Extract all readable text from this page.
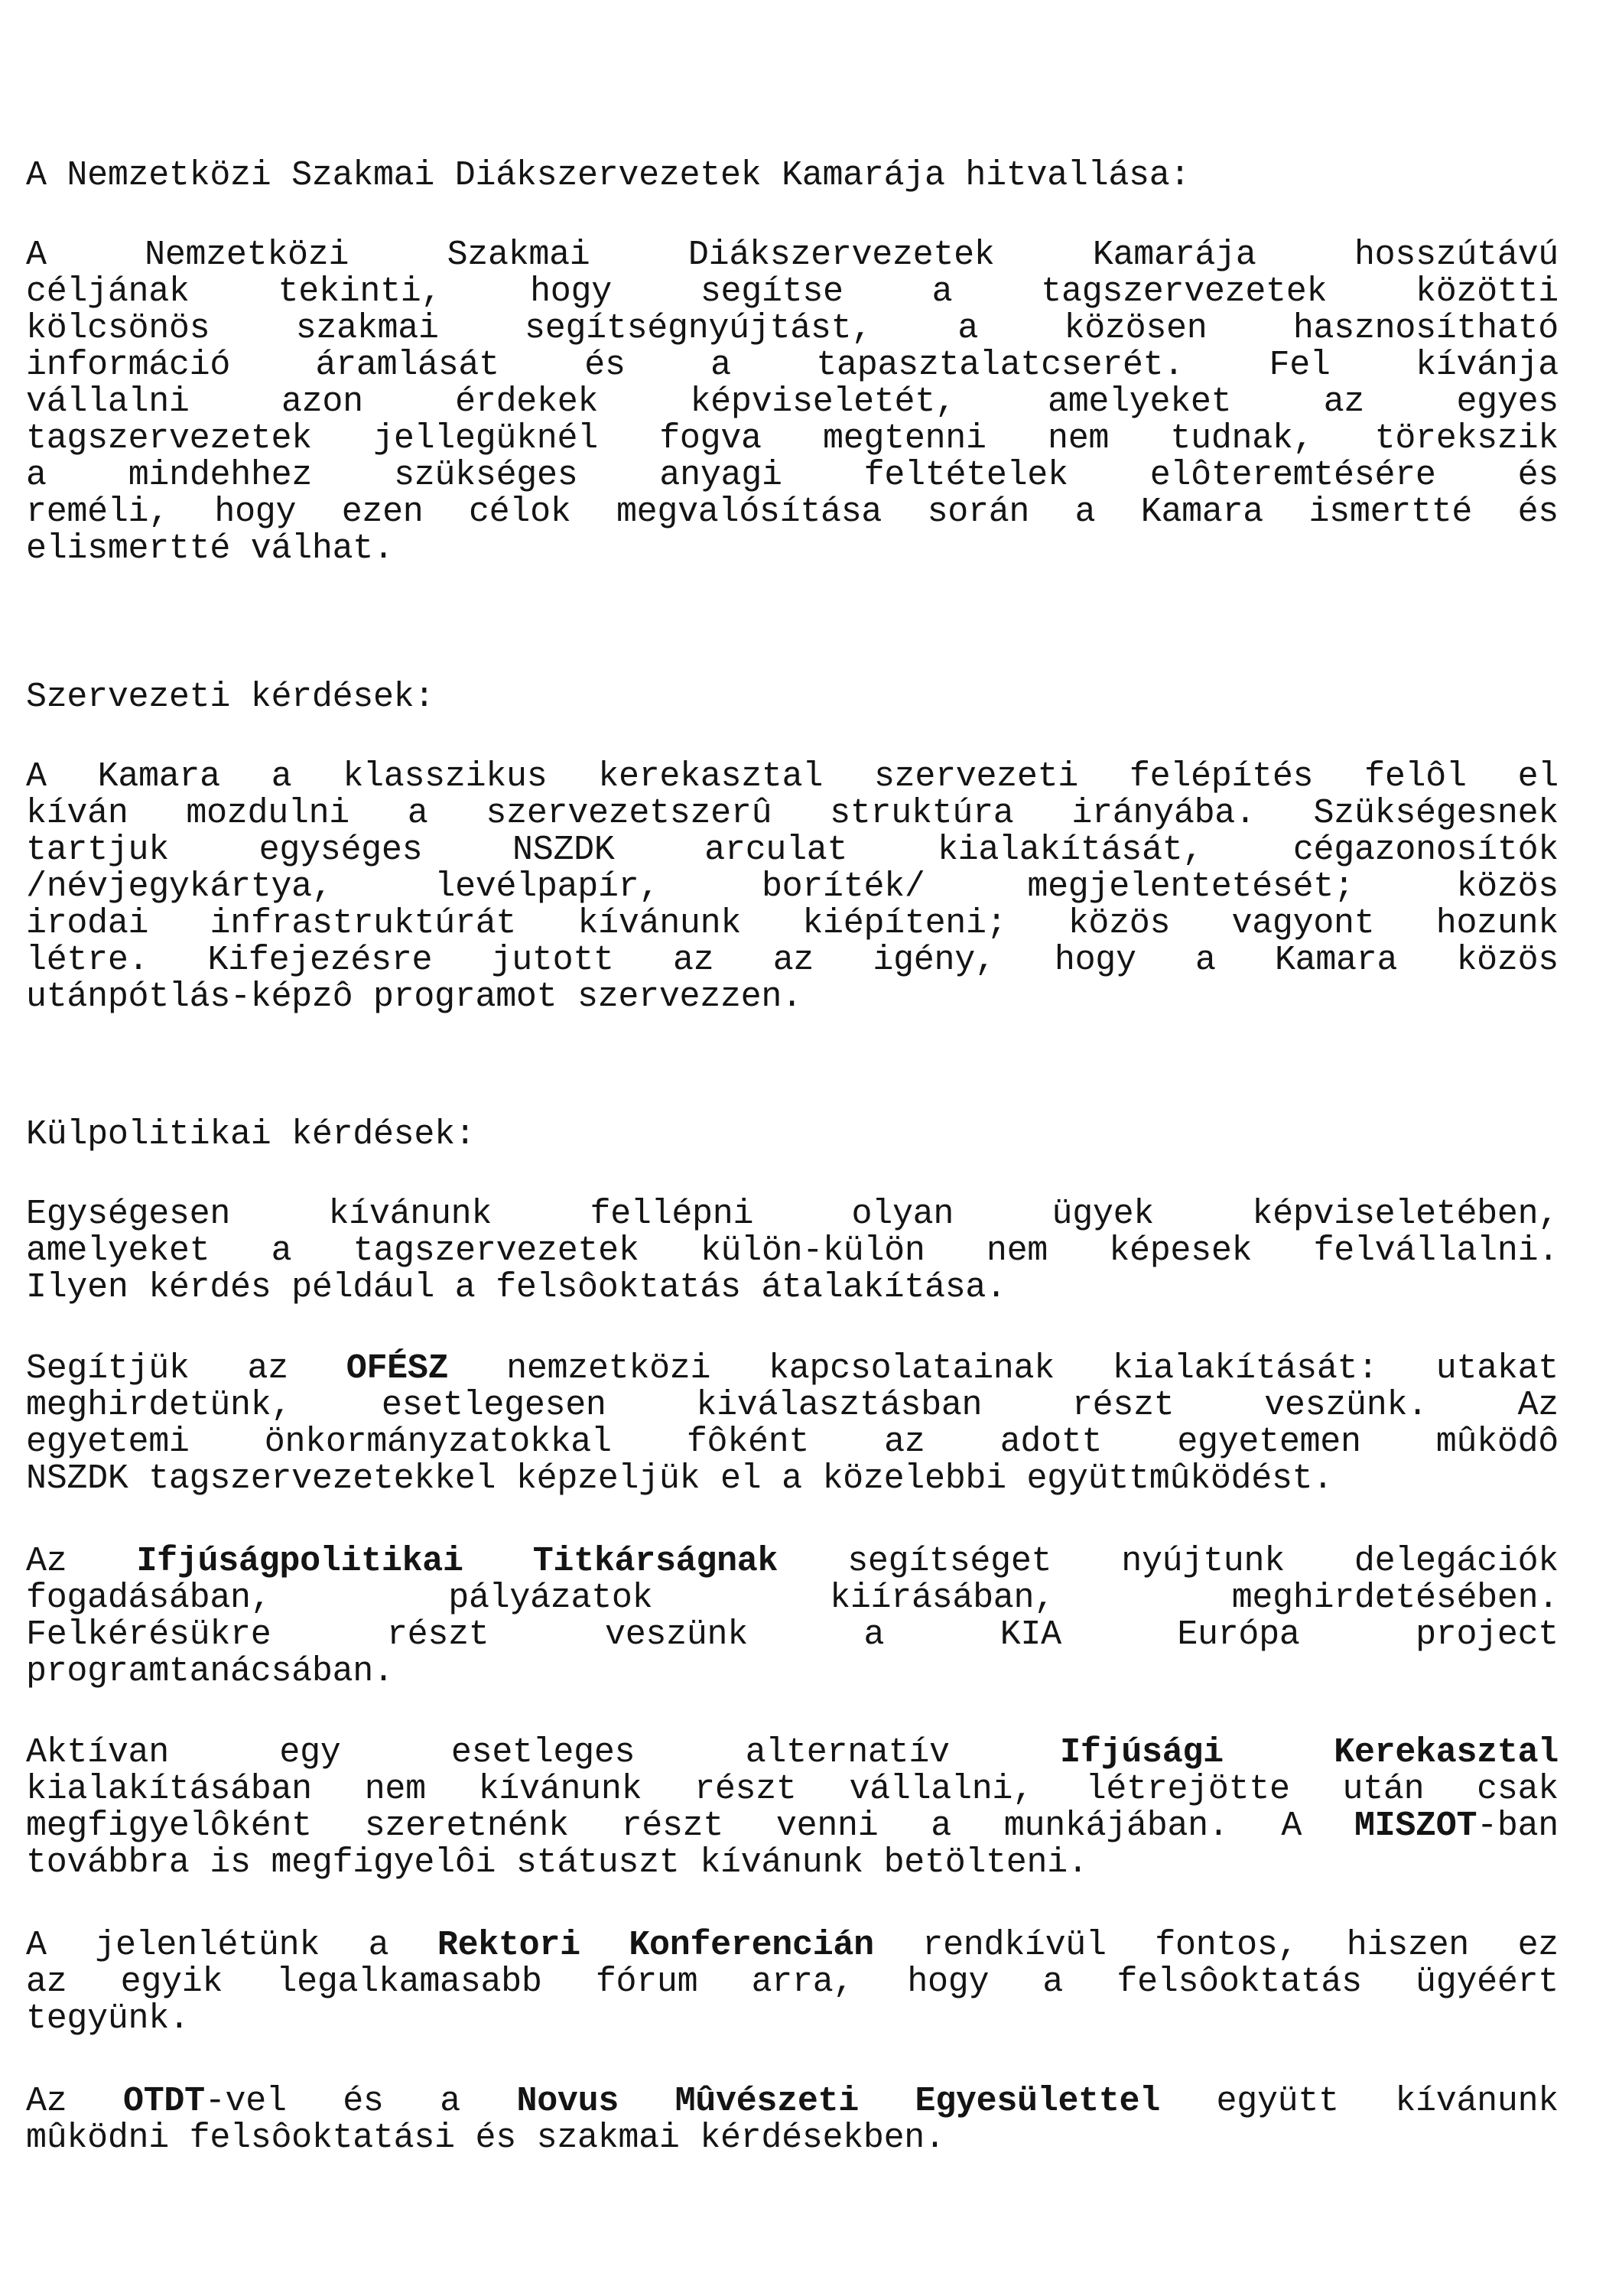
A Nemzetközi Szakmai Diákszervezetek Kamarája hitvallása:
A Nemzetközi Szakmai Diákszervezetek Kamarája hosszútávú
céljának tekinti, hogy segítse a tagszervezetek közötti
kölcsönös szakmai segítségnyújtást, a közösen hasznosítható
információ áramlását és a tapasztalatcserét. Fel kívánja
vállalni azon érdekek képviseletét, amelyeket az egyes
tagszervezetek jellegüknél fogva megtenni nem tudnak, törekszik
a mindehhez szükséges anyagi feltételek elôteremtésére és
reméli, hogy ezen célok megvalósítása során a Kamara ismertté és
elismertté válhat.
Szervezeti kérdések:
A Kamara a klasszikus kerekasztal szervezeti felépítés felôl el
kíván mozdulni a szervezetszerû struktúra irányába. Szükségesnek
tartjuk egységes NSZDK arculat kialakítását, cégazonosítók
/névjegykártya, levélpapír, boríték/ megjelentetését; közös
irodai infrastruktúrát kívánunk kiépíteni; közös vagyont hozunk
létre. Kifejezésre jutott az az igény, hogy a Kamara közös
utánpótlás-képzô programot szervezzen.
Külpolitikai kérdések:
Egységesen kívánunk fellépni olyan ügyek képviseletében,
amelyeket a tagszervezetek külön-külön nem képesek felvállalni.
Ilyen kérdés például a felsôoktatás átalakítása.
Segítjük az OFÉSZ nemzetközi kapcsolatainak kialakítását: utakat
meghirdetünk, esetlegesen kiválasztásban részt veszünk. Az
egyetemi önkormányzatokkal fôként az adott egyetemen mûködô
NSZDK tagszervezetekkel képzeljük el a közelebbi együttmûködést.
Az Ifjúságpolitikai Titkárságnak segítséget nyújtunk delegációk
fogadásában, pályázatok kiírásában, meghirdetésében.
Felkérésükre részt veszünk a KIA Európa project
programtanácsában.
Aktívan egy esetleges alternatív Ifjúsági Kerekasztal
kialakításában nem kívánunk részt vállalni, létrejötte után csak
megfigyelôként szeretnénk részt venni a munkájában. A MISZOT-ban
továbbra is megfigyelôi státuszt kívánunk betölteni.
A jelenlétünk a Rektori Konferencián rendkívül fontos, hiszen ez
az egyik legalkamasabb fórum arra, hogy a felsôoktatás ügyéért
tegyünk.
Az OTDT-vel és a Novus Mûvészeti Egyesülettel együtt kívánunk
mûködni felsôoktatási és szakmai kérdésekben.
